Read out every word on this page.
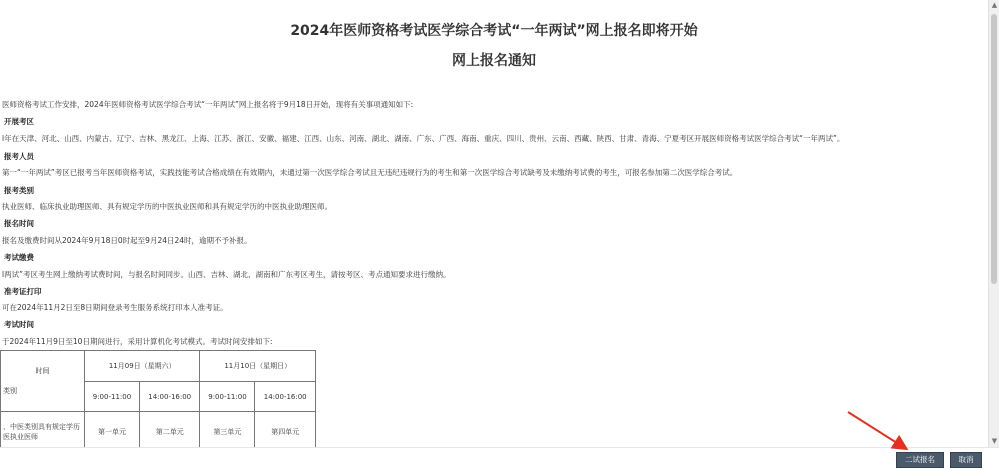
2024年医师资格考试医学综合考试“一年两试”网上报名即将开始
网上报名通知
医师资格考试工作安排，2024年医师资格考试医学综合考试“一年两试”网上报名将于9月18日开始，现将有关事项通知如下:
开展考区
l年在天津、河北、山西、内蒙古、辽宁、吉林、黑龙江、上海、江苏、浙江、安徽、福建、江西、山东、河南、湖北、湖南、广东、广西、海南、重庆、四川、贵州、云南、西藏、陕西、甘肃、青海、宁夏考区开展医师资格考试医学综合考试“一年两试”。
报考人员
第一“一年两试”考区已报考当年医师资格考试，实践技能考试合格成绩在有效期内，未通过第一次医学综合考试且无违纪违规行为的考生和第一次医学综合考试缺考及未缴纳考试费的考生，可报名参加第二次医学综合考试。
报考类别
执业医师、临床执业助理医师、具有规定学历的中医执业医师和具有规定学历的中医执业助理医师。
报名时间
报名及缴费时间从2024年9月18日0时起至9月24日24时，逾期不予补报。
考试缴费
l两试”考区考生网上缴纳考试费时间，与报名时间同步。山西、吉林、湖北、湖南和广东考区考生，请按考区、考点通知要求进行缴纳。
准考证打印
可在2024年11月2日至8日期间登录考生服务系统打印本人准考证。
考试时间
于2024年11月9日至10日期间进行，采用计算机化考试模式。考试时间安排如下:
时间
类别	11月09日（星期六）		11月10日（星期日）	
	9:00-11:00	14:00-16:00	9:00-11:00	14:00-16:00
、中医类别具有规定学历医执业医师	第一单元	第二单元	第三单元	第四单元
▲
▼
二试报名	取消
